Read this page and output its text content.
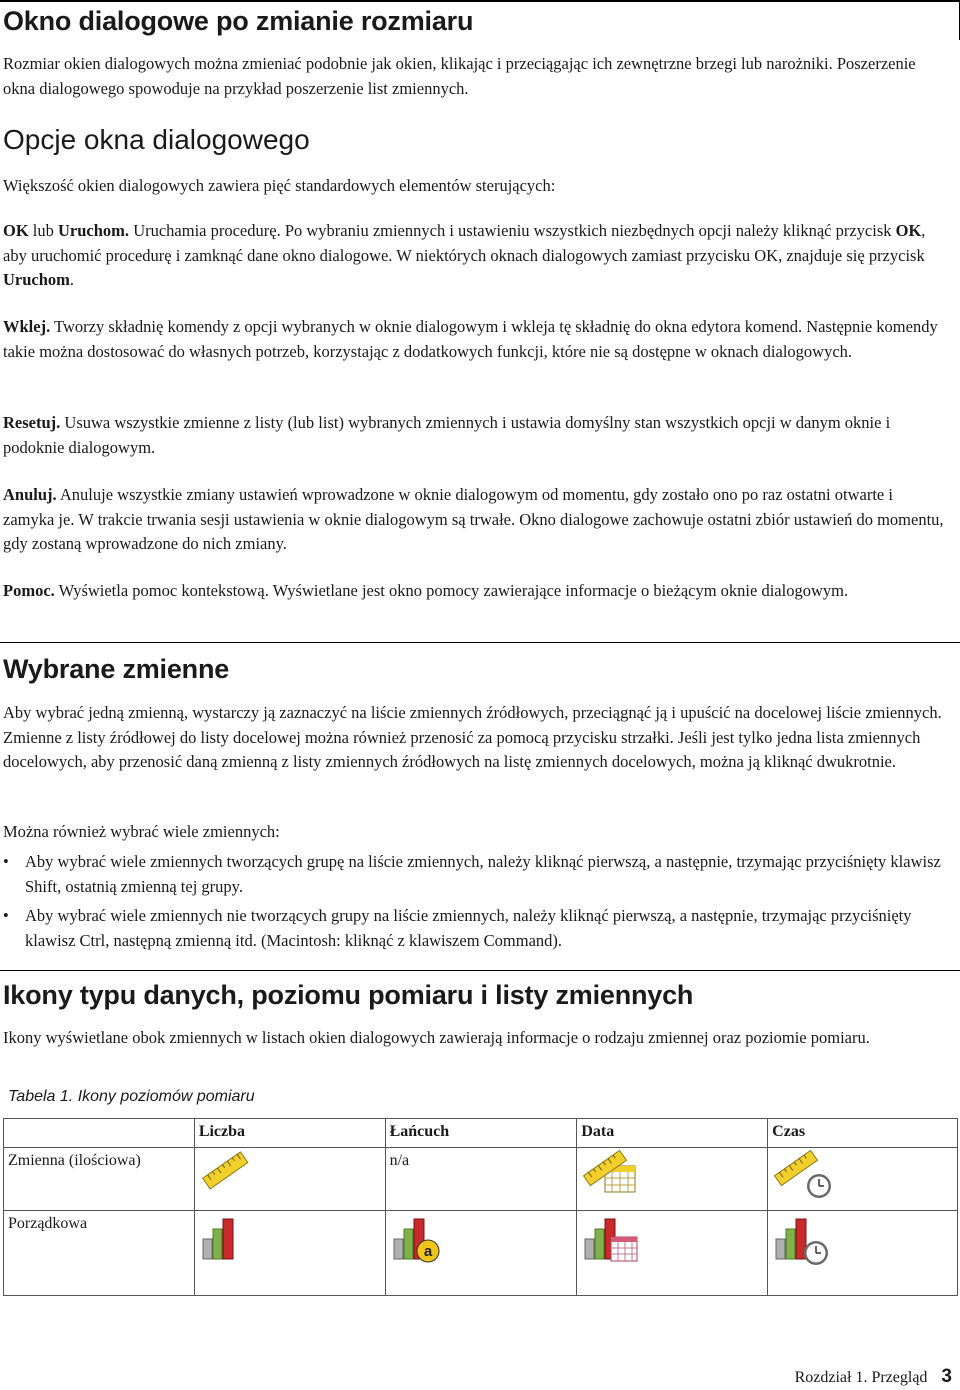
Okno dialogowe po zmianie rozmiaru

Rozmiar okien dialogowych można zmieniać podobnie jak okien, klikając i przeciągając ich zewnętrzne brzegi lub narożniki. Poszerzenie okna dialogowego spowoduje na przykład poszerzenie list zmiennych.

Opcje okna dialogowego

Większość okien dialogowych zawiera pięć standardowych elementów sterujących:

OK lub Uruchom. Uruchamia procedurę. Po wybraniu zmiennych i ustawieniu wszystkich niezbędnych opcji należy kliknąć przycisk OK, aby uruchomić procedurę i zamknąć dane okno dialogowe. W niektórych oknach dialogowych zamiast przycisku OK, znajduje się przycisk Uruchom.

Wklej. Tworzy składnię komendy z opcji wybranych w oknie dialogowym i wkleja tę składnię do okna edytora komend. Następnie komendy takie można dostosować do własnych potrzeb, korzystając z dodatkowych funkcji, które nie są dostępne w oknach dialogowych.

Resetuj. Usuwa wszystkie zmienne z listy (lub list) wybranych zmiennych i ustawia domyślny stan wszystkich opcji w danym oknie i podoknie dialogowym.

Anuluj. Anuluje wszystkie zmiany ustawień wprowadzone w oknie dialogowym od momentu, gdy zostało ono po raz ostatni otwarte i zamyka je. W trakcie trwania sesji ustawienia w oknie dialogowym są trwałe. Okno dialogowe zachowuje ostatni zbiór ustawień do momentu, gdy zostaną wprowadzone do nich zmiany.

Pomoc. Wyświetla pomoc kontekstową. Wyświetlane jest okno pomocy zawierające informacje o bieżącym oknie dialogowym.

Wybrane zmienne

Aby wybrać jedną zmienną, wystarczy ją zaznaczyć na liście zmiennych źródłowych, przeciągnąć ją i upuścić na docelowej liście zmiennych. Zmienne z listy źródłowej do listy docelowej można również przenosić za pomocą przycisku strzałki. Jeśli jest tylko jedna lista zmiennych docelowych, aby przenosić daną zmienną z listy zmiennych źródłowych na listę zmiennych docelowych, można ją kliknąć dwukrotnie.

Można również wybrać wiele zmiennych:

• Aby wybrać wiele zmiennych tworzących grupę na liście zmiennych, należy kliknąć pierwszą, a następnie, trzymając przyciśnięty klawisz Shift, ostatnią zmienną tej grupy.
• Aby wybrać wiele zmiennych nie tworzących grupy na liście zmiennych, należy kliknąć pierwszą, a następnie, trzymając przyciśnięty klawisz Ctrl, następną zmienną itd. (Macintosh: kliknąć z klawiszem Command).
Ikony typu danych, poziomu pomiaru i listy zmiennych

Ikony wyświetlane obok zmiennych w listach okien dialogowych zawierają informacje o rodzaju zmiennej oraz poziomie pomiaru.

Tabela 1. Ikony poziomów pomiaru
	Liczba	Łańcuch	Data	Czas
Zmienna (ilościowa)		n/a	

Porządkowa		a

Rozdział 1. Przegląd 3
